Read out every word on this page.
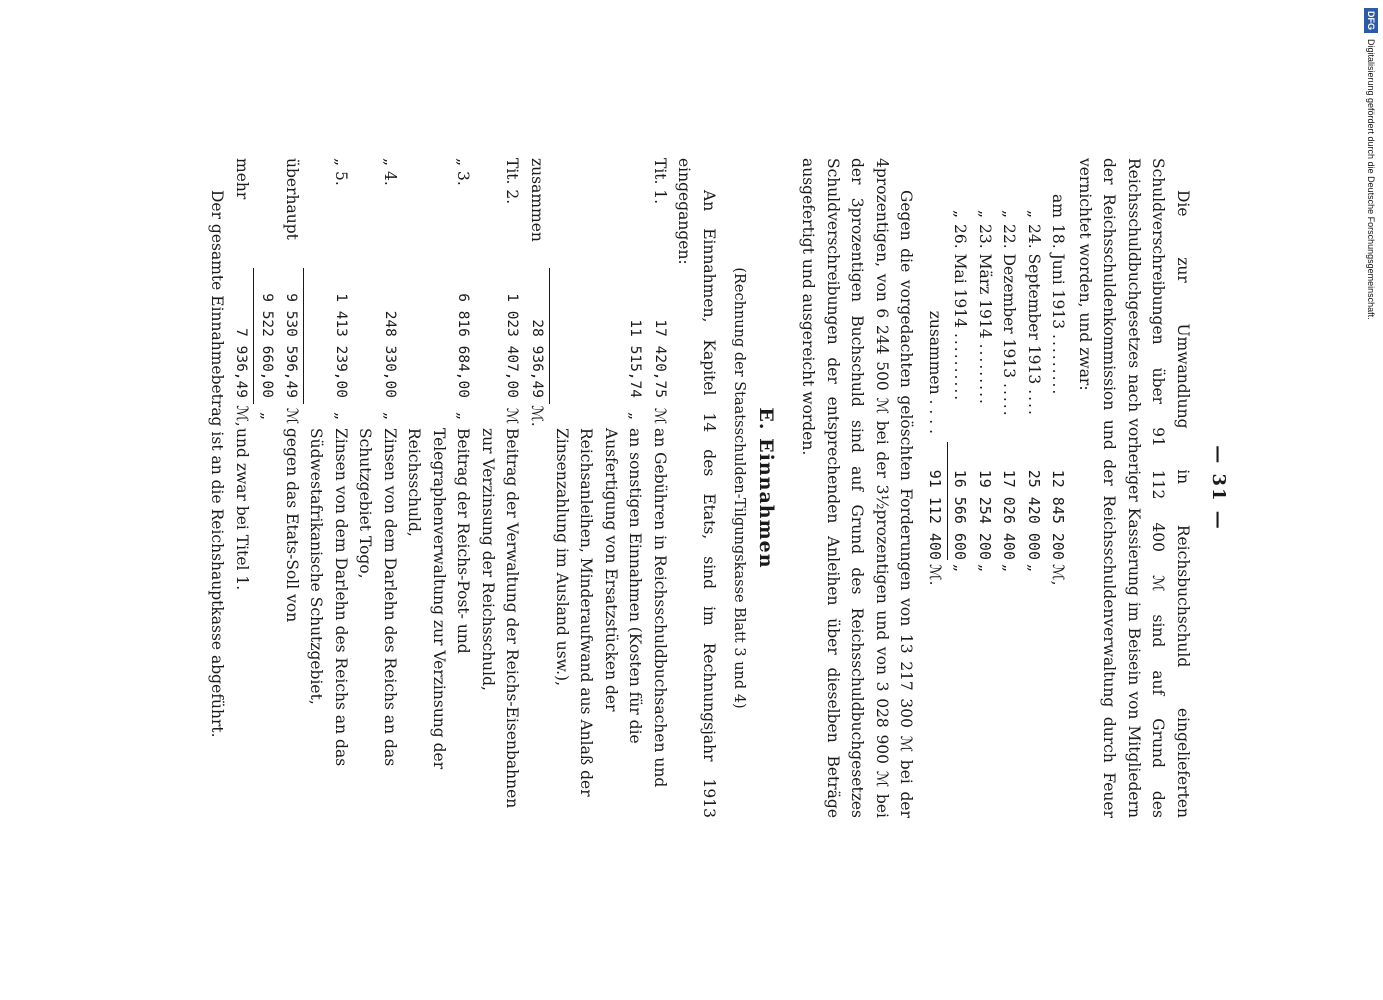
— 31 —

Die zur Umwandlung in Reichsbuchschuld eingelieferten Schuldverschreibungen über 91 112 400 ℳ sind auf Grund des Reichsschuldbuchgesetzes nach vorheriger Kassierung im Beisein von Mitgliedern der Reichsschuldenkommission und der Reichsschuldenverwaltung durch Feuer vernichtet worden, und zwar:

am	18. Juni 1913 .........	12 845 200	ℳ,
„	24. September 1913 ....	25 420 000	„
„	22. Dezember 1913 .....	17 026 400	„
„	23. März 1914 .........	19 254 200	„
„	26. Mai 1914 ..........	16 566 600	„
	zusammen . . . .	91 112 400	ℳ.

Gegen die vorgedachten gelöschten Forderungen von 13 217 300 ℳ bei der 4prozentigen, von 6 244 500 ℳ bei der 3½prozentigen und von 3 028 900 ℳ bei der 3prozentigen Buchschuld sind auf Grund des Reichsschuldbuchgesetzes Schuldverschreibungen der entsprechenden Anleihen über dieselben Beträge ausgefertigt und ausgereicht worden.

E. Einnahmen
(Rechnung der Staatsschulden-Tilgungskasse Blatt 3 und 4)

An Einnahmen, Kapitel 14 des Etats, sind im Rechnungsjahr 1913 eingegangen:

Tit. 1.	17 420,75	ℳ	an Gebühren in Reichsschuldbuchsachen und
	11 515,74	„	an sonstigen Einnahmen (Kosten für die Ausfertigung von Ersatzstücken der Reichsanleihen, Minderaufwand aus Anlaß der Zinsenzahlung im Ausland usw.),
zusammen	28 936,49	ℳ.	
Tit. 2.	1 023 407,00	ℳ	Beitrag der Verwaltung der Reichs-Eisenbahnen zur Verzinsung der Reichsschuld,
„ 3.	6 816 684,00	„	Beitrag der Reichs-Post- und Telegraphenverwaltung zur Verzinsung der Reichsschuld,
„ 4.	248 330,00	„	Zinsen von dem Darlehn des Reichs an das Schutzgebiet Togo,
„ 5.	1 413 239,00	„	Zinsen von dem Darlehn des Reichs an das Südwestafrikanische Schutzgebiet,
überhaupt	9 530 596,49	ℳ	gegen das Etats-Soll von
	9 522 660,00	„	
mehr	7 936,49	ℳ,	und zwar bei Titel 1.

Der gesamte Einnahmebetrag ist an die Reichshauptkasse abgeführt.

DFGDigitalisierung gefördert durch die Deutsche Forschungsgemeinschaft.
